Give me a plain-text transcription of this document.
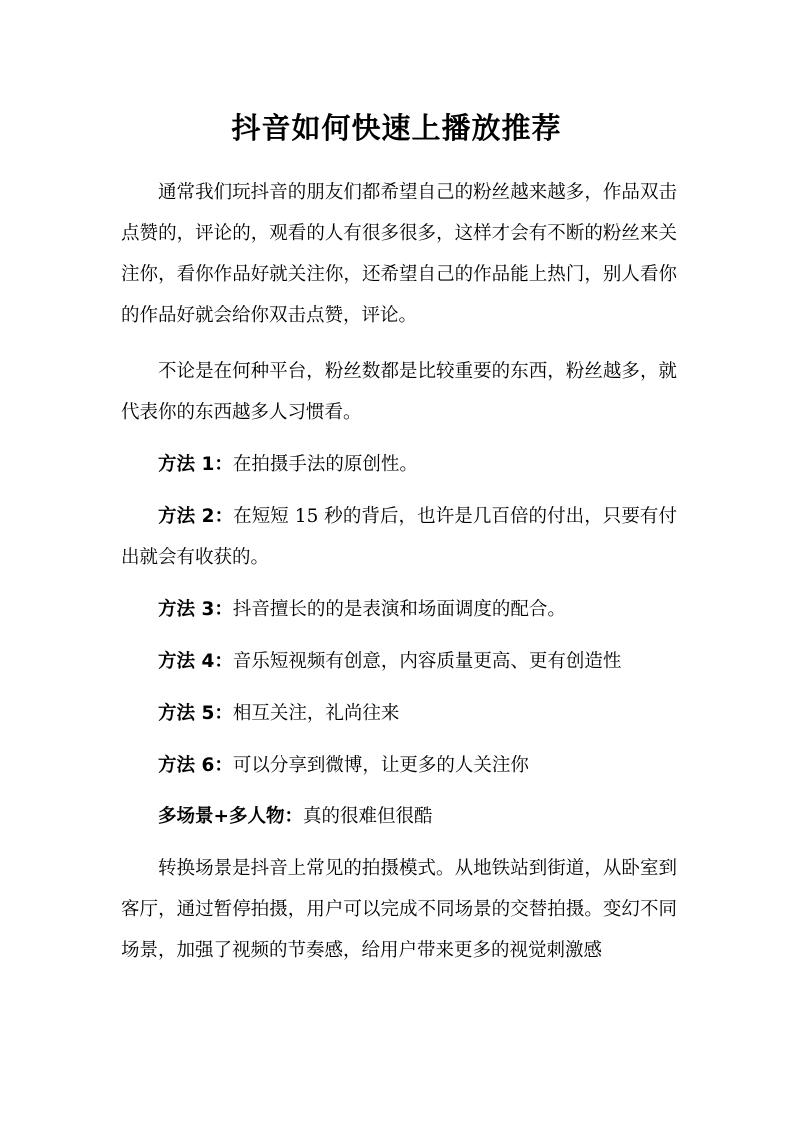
抖音如何快速上播放推荐

通常我们玩抖音的朋友们都希望自己的粉丝越来越多，作品双击点赞的，评论的，观看的人有很多很多，这样才会有不断的粉丝来关注你，看你作品好就关注你，还希望自己的作品能上热门，别人看你的作品好就会给你双击点赞，评论。

不论是在何种平台，粉丝数都是比较重要的东西，粉丝越多，就代表你的东西越多人习惯看。

方法 1：在拍摄手法的原创性。

方法 2：在短短 15 秒的背后，也许是几百倍的付出，只要有付出就会有收获的。

方法 3：抖音擅长的的是表演和场面调度的配合。

方法 4：音乐短视频有创意，内容质量更高、更有创造性

方法 5：相互关注，礼尚往来

方法 6：可以分享到微博，让更多的人关注你

多场景+多人物：真的很难但很酷

转换场景是抖音上常见的拍摄模式。从地铁站到街道，从卧室到客厅，通过暂停拍摄，用户可以完成不同场景的交替拍摄。变幻不同场景，加强了视频的节奏感，给用户带来更多的视觉刺激感
